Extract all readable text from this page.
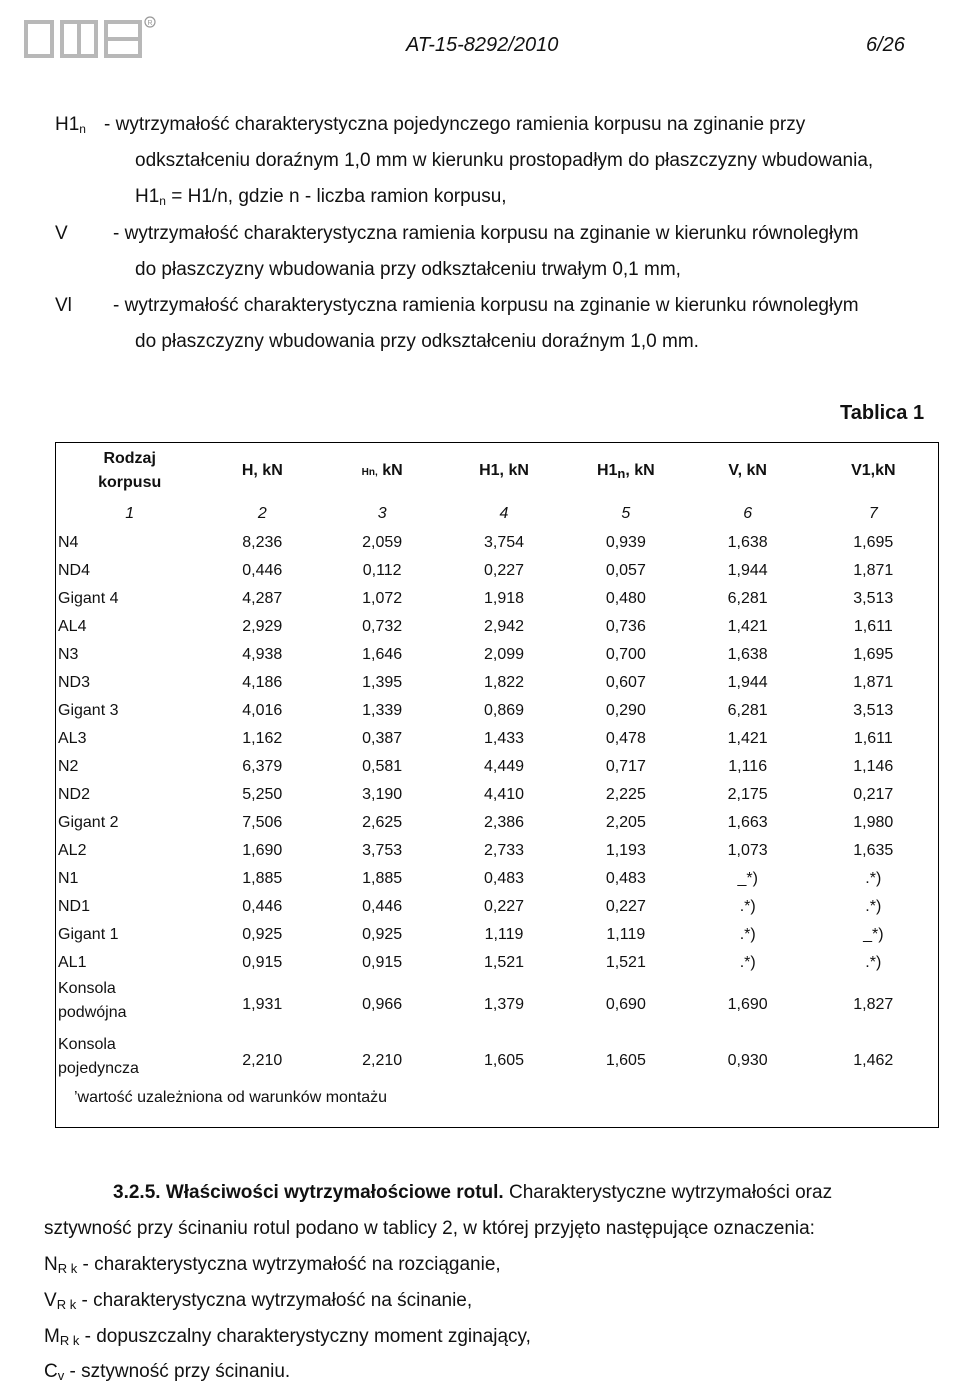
R
AT-15-8292/2010	6/26
H1n - wytrzymałość charakterystyczna pojedynczego ramienia korpusu na zginanie przy
odkształceniu doraźnym 1,0 mm w kierunku prostopadłym do płaszczyzny wbudowania,
H1n = H1/n, gdzie n - liczba ramion korpusu,
V - wytrzymałość charakterystyczna ramienia korpusu na zginanie w kierunku równoległym
do płaszczyzny wbudowania przy odkształceniu trwałym 0,1 mm,
Vl - wytrzymałość charakterystyczna ramienia korpusu na zginanie w kierunku równoległym
do płaszczyzny wbudowania przy odkształceniu doraźnym 1,0 mm.
Tablica 1
Rodzaj
korpusu	H, kN	Hn, kN	H1, kN	H1n, kN	V, kN	V1,kN
1	2	3	4	5	6	7
N4	8,236	2,059	3,754	0,939	1,638	1,695
ND4	0,446	0,112	0,227	0,057	1,944	1,871
Gigant 4	4,287	1,072	1,918	0,480	6,281	3,513
AL4	2,929	0,732	2,942	0,736	1,421	1,611
N3	4,938	1,646	2,099	0,700	1,638	1,695
ND3	4,186	1,395	1,822	0,607	1,944	1,871
Gigant 3	4,016	1,339	0,869	0,290	6,281	3,513
AL3	1,162	0,387	1,433	0,478	1,421	1,611
N2	6,379	0,581	4,449	0,717	1,116	1,146
ND2	5,250	3,190	4,410	2,225	2,175	0,217
Gigant 2	7,506	2,625	2,386	2,205	1,663	1,980
AL2	1,690	3,753	2,733	1,193	1,073	1,635
N1	1,885	1,885	0,483	0,483	_*)	.*)
ND1	0,446	0,446	0,227	0,227	.*)	.*)
Gigant 1	0,925	0,925	1,119	1,119	.*)	_*)
AL1	0,915	0,915	1,521	1,521	.*)	.*)
Konsola
podwójna	1,931	0,966	1,379	0,690	1,690	1,827
Konsola
pojedyncza	2,210	2,210	1,605	1,605	0,930	1,462
’wartość uzależniona od warunków montażu						
3.2.5. Właściwości wytrzymałościowe rotul. Charakterystyczne wytrzymałości oraz
sztywność przy ścinaniu rotul podano w tablicy 2, w której przyjęto następujące oznaczenia:
NR k - charakterystyczna wytrzymałość na rozciąganie,
VR k - charakterystyczna wytrzymałość na ścinanie,
MR k - dopuszczalny charakterystyczny moment zginający,
Cv - sztywność przy ścinaniu.
